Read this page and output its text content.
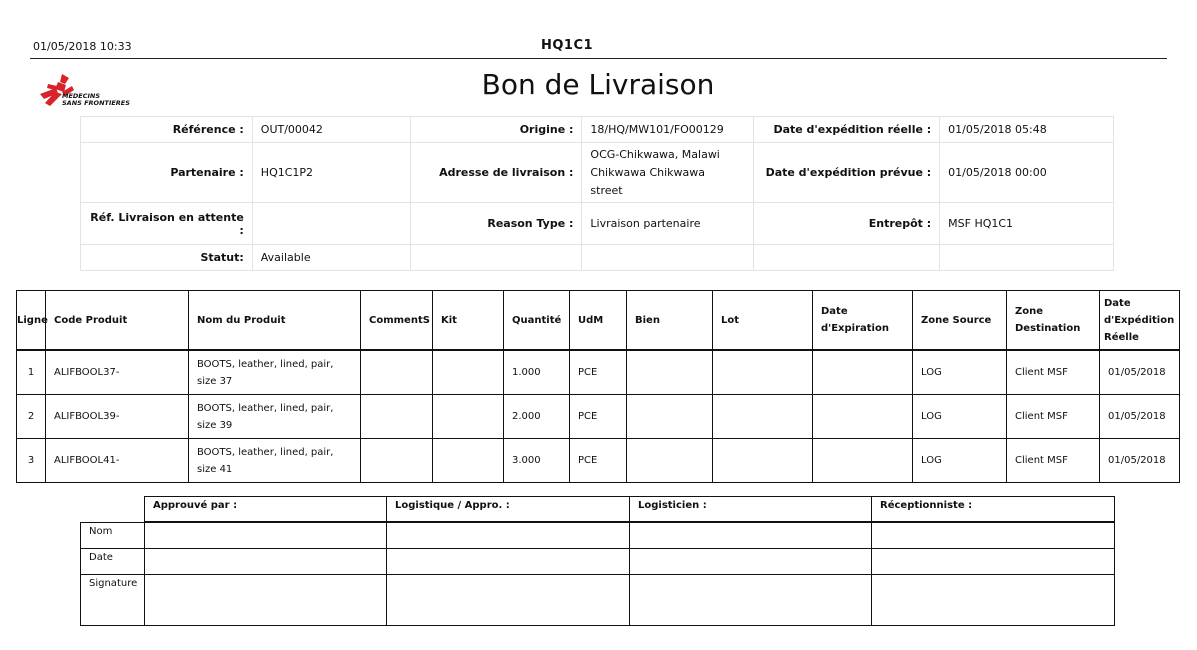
01/05/2018 10:33	HQ1C1
MEDECINS
SANS FRONTIERES
Bon de Livraison
Référence :	OUT/00042	Origine :	18/HQ/MW101/FO00129	Date d'expédition réelle :	01/05/2018 05:48
Partenaire :	HQ1C1P2	Adresse de livraison :	OCG-Chikwawa, Malawi
Chikwawa Chikwawa
street	Date d'expédition prévue :	01/05/2018 00:00
Réf. Livraison en attente :		Reason Type :	Livraison partenaire	Entrepôt :	MSF HQ1C1
Statut:	Available				
Ligne	Code Produit	Nom du Produit	CommentS	Kit	Quantité	UdM	Bien	Lot	Date d'Expiration	Zone Source	Zone Destination	Date d'Expédition Réelle
1	ALIFBOOL37-	BOOTS, leather, lined, pair, size 37			1.000	PCE				LOG	Client MSF	01/05/2018
2	ALIFBOOL39-	BOOTS, leather, lined, pair, size 39			2.000	PCE				LOG	Client MSF	01/05/2018
3	ALIFBOOL41-	BOOTS, leather, lined, pair, size 41			3.000	PCE				LOG	Client MSF	01/05/2018
	Approuvé par :	Logistique / Appro. :	Logisticien :	Réceptionniste :
Nom				
Date				
Signature				
